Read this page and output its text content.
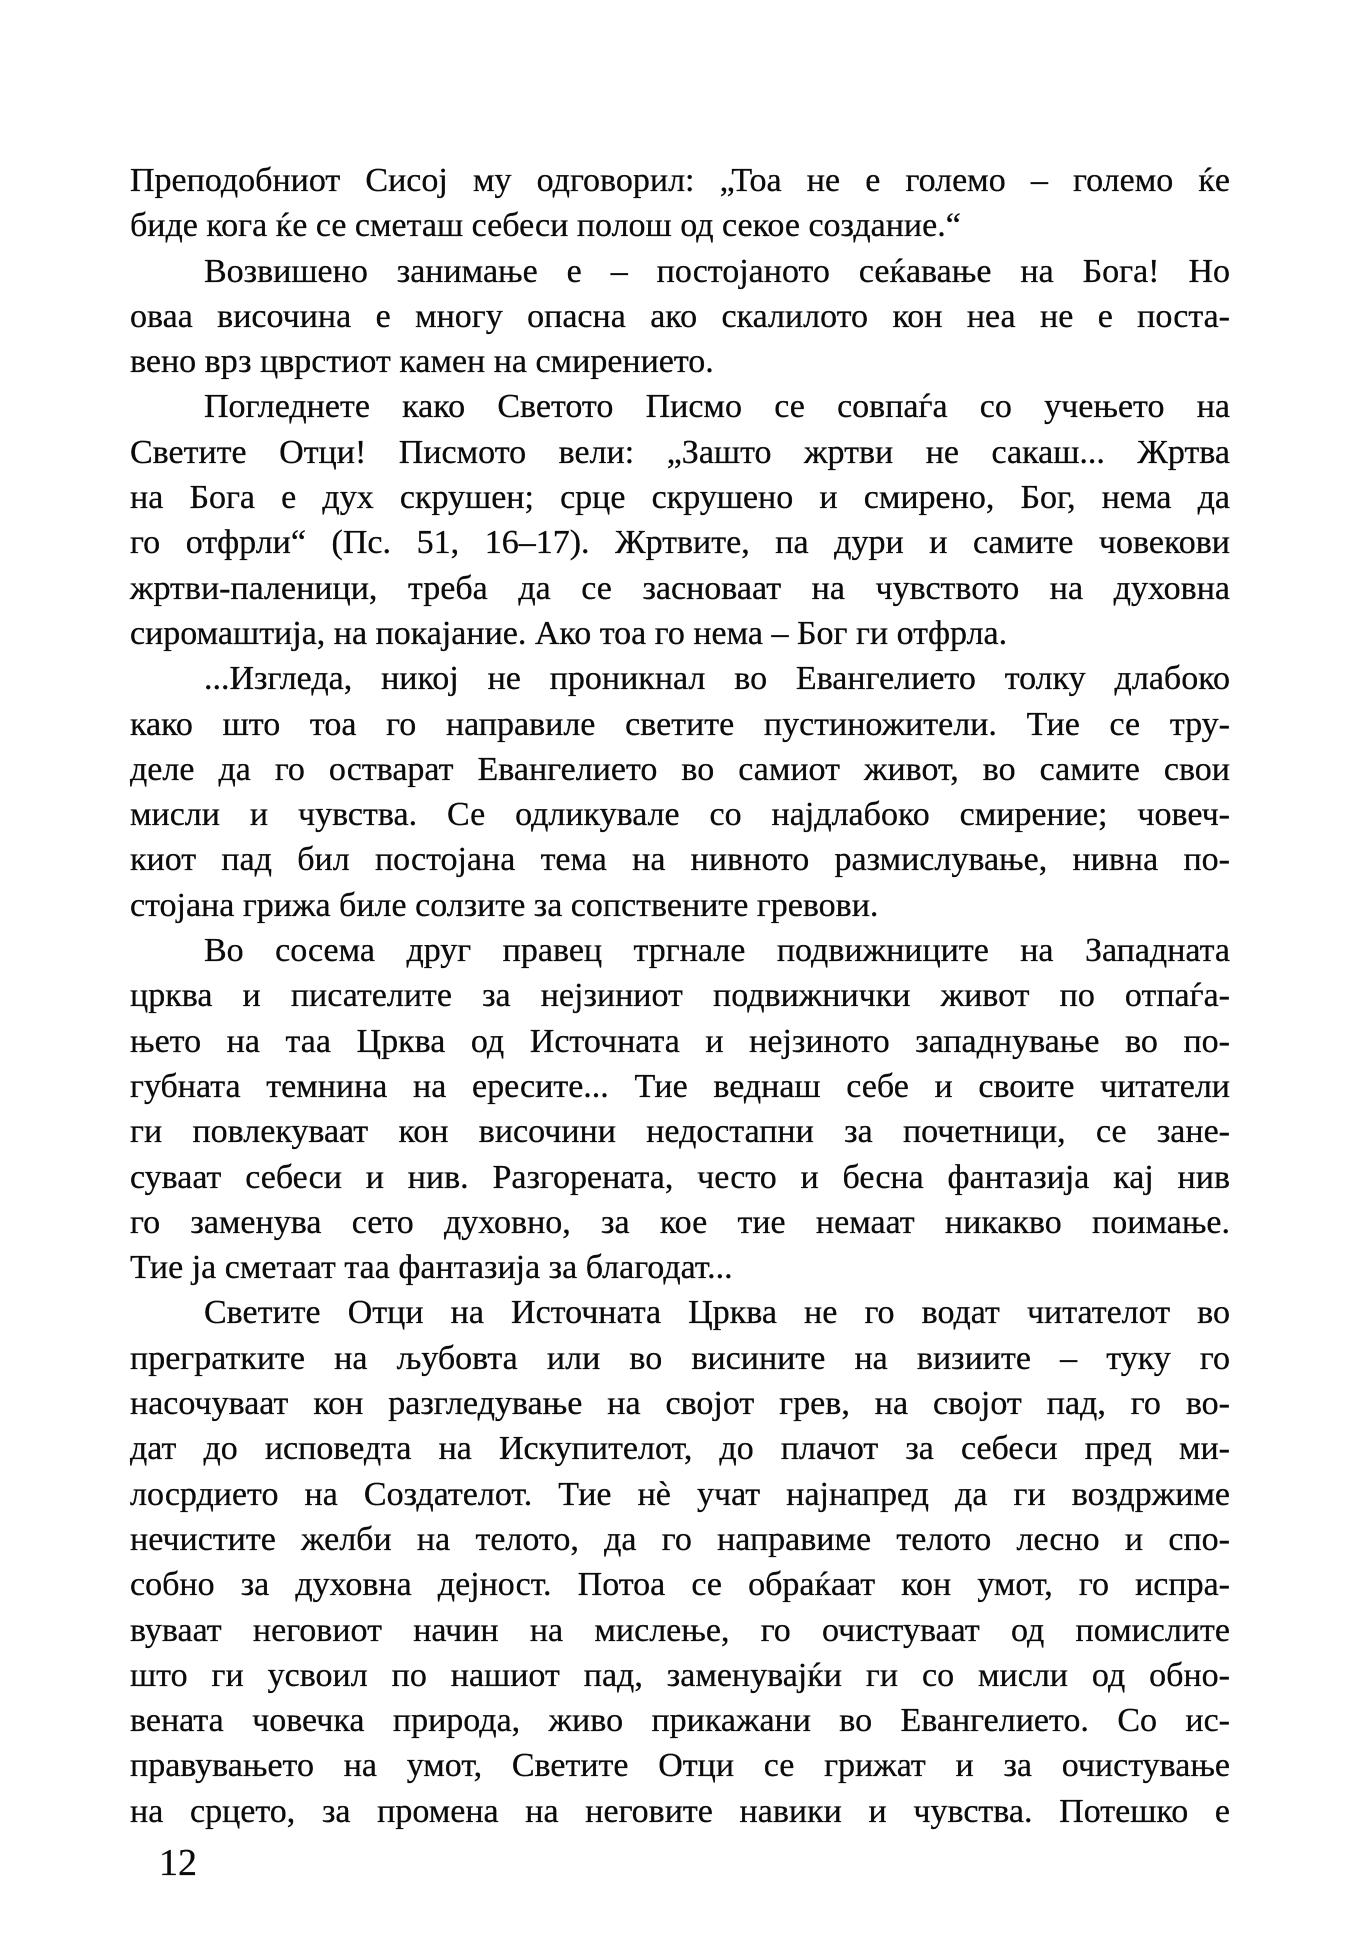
Преподобниот Сисој му одговорил: „Тоа не е големо – големо ќе
биде кога ќе се сметаш себеси полош од секое создание.“
Возвишено занимање е – постојаното сеќавање на Бога! Но
оваа височина е многу опасна ако скалилото кон неа не е поста-
вено врз цврстиот камен на смирението.
Погледнете како Светото Писмо се совпаѓа со учењето на
Светите Отци! Писмото вели: „Зашто жртви не сакаш... Жртва
на Бога е дух скрушен; срце скрушено и смирено, Бог, нема да
го отфрли“ (Пс. 51, 16–17). Жртвите, па дури и самите човекови
жртви-паленици, треба да се засноваат на чувството на духовна
сиромаштија, на покајание. Ако тоа го нема – Бог ги отфрла.
...Изгледа, никој не проникнал во Евангелието толку длабоко
како што тоа го направиле светите пустиножители. Тие се тру-
деле да го остварат Евангелието во самиот живот, во самите свои
мисли и чувства. Се одликувале со најдлабоко смирение; човеч-
киот пад бил постојана тема на нивното размислување, нивна по-
стојана грижа биле солзите за сопствените гревови.
Во сосема друг правец тргнале подвижниците на Западната
црква и писателите за нејзиниот подвижнички живот по отпаѓа-
њето на таа Црква од Источната и нејзиното западнување во по-
губната темнина на ересите... Тие веднаш себе и своите читатели
ги повлекуваат кон височини недостапни за почетници, се зане-
суваат себеси и нив. Разгорената, често и бесна фантазија кај нив
го заменува сето духовно, за кое тие немаат никакво поимање.
Тие ја сметаат таа фантазија за благодат...
Светите Отци на Источната Црква не го водат читателот во
прегратките на љубовта или во висините на визиите – туку го
насочуваат кон разгледување на својот грев, на својот пад, го во-
дат до исповедта на Искупителот, до плачот за себеси пред ми-
лосрдието на Создателот. Тие нѐ учат најнапред да ги воздржиме
нечистите желби на телото, да го направиме телото лесно и спо-
собно за духовна дејност. Потоа се обраќаат кон умот, го испра-
вуваат неговиот начин на мислење, го очистуваат од помислите
што ги усвоил по нашиот пад, заменувајќи ги со мисли од обно-
вената човечка природа, живо прикажани во Евангелието. Со ис-
правувањето на умот, Светите Отци се грижат и за очистување
на срцето, за промена на неговите навики и чувства. Потешко е
12
